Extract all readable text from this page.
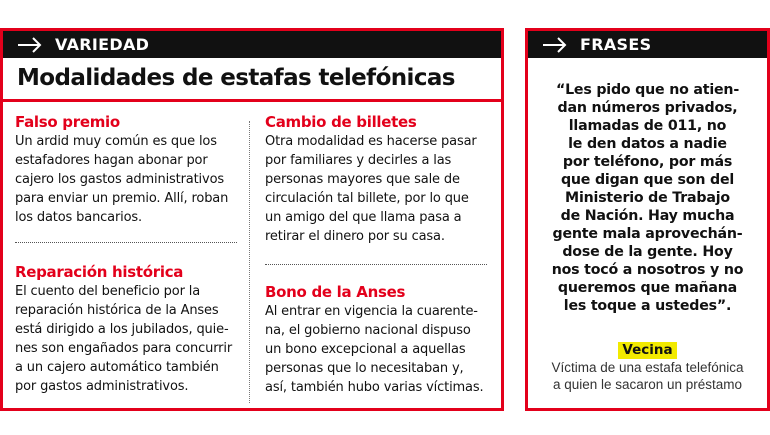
VARIEDAD
Modalidades de estafas telefónicas
Falso premio
Un ardid muy común es que los
estafadores hagan abonar por
cajero los gastos administrativos
para enviar un premio. Allí, roban
los datos bancarios.
Cambio de billetes
Otra modalidad es hacerse pasar
por familiares y decirles a las
personas mayores que sale de
circulación tal billete, por lo que
un amigo del que llama pasa a
retirar el dinero por su casa.
Reparación histórica
El cuento del beneficio por la
reparación histórica de la Anses
está dirigido a los jubilados, quie-
nes son engañados para concurrir
a un cajero automático también
por gastos administrativos.
Bono de la Anses
Al entrar en vigencia la cuarente-
na, el gobierno nacional dispuso
un bono excepcional a aquellas
personas que lo necesitaban y,
así, también hubo varias víctimas.
FRASES
“Les pido que no atien-
dan números privados,
llamadas de 011, no
le den datos a nadie
por teléfono, por más
que digan que son del
Ministerio de Trabajo
de Nación. Hay mucha
gente mala aprovechán-
dose de la gente. Hoy
nos tocó a nosotros y no
queremos que mañana
les toque a ustedes”.
Vecina
Víctima de una estafa telefónica
a quien le sacaron un préstamo
